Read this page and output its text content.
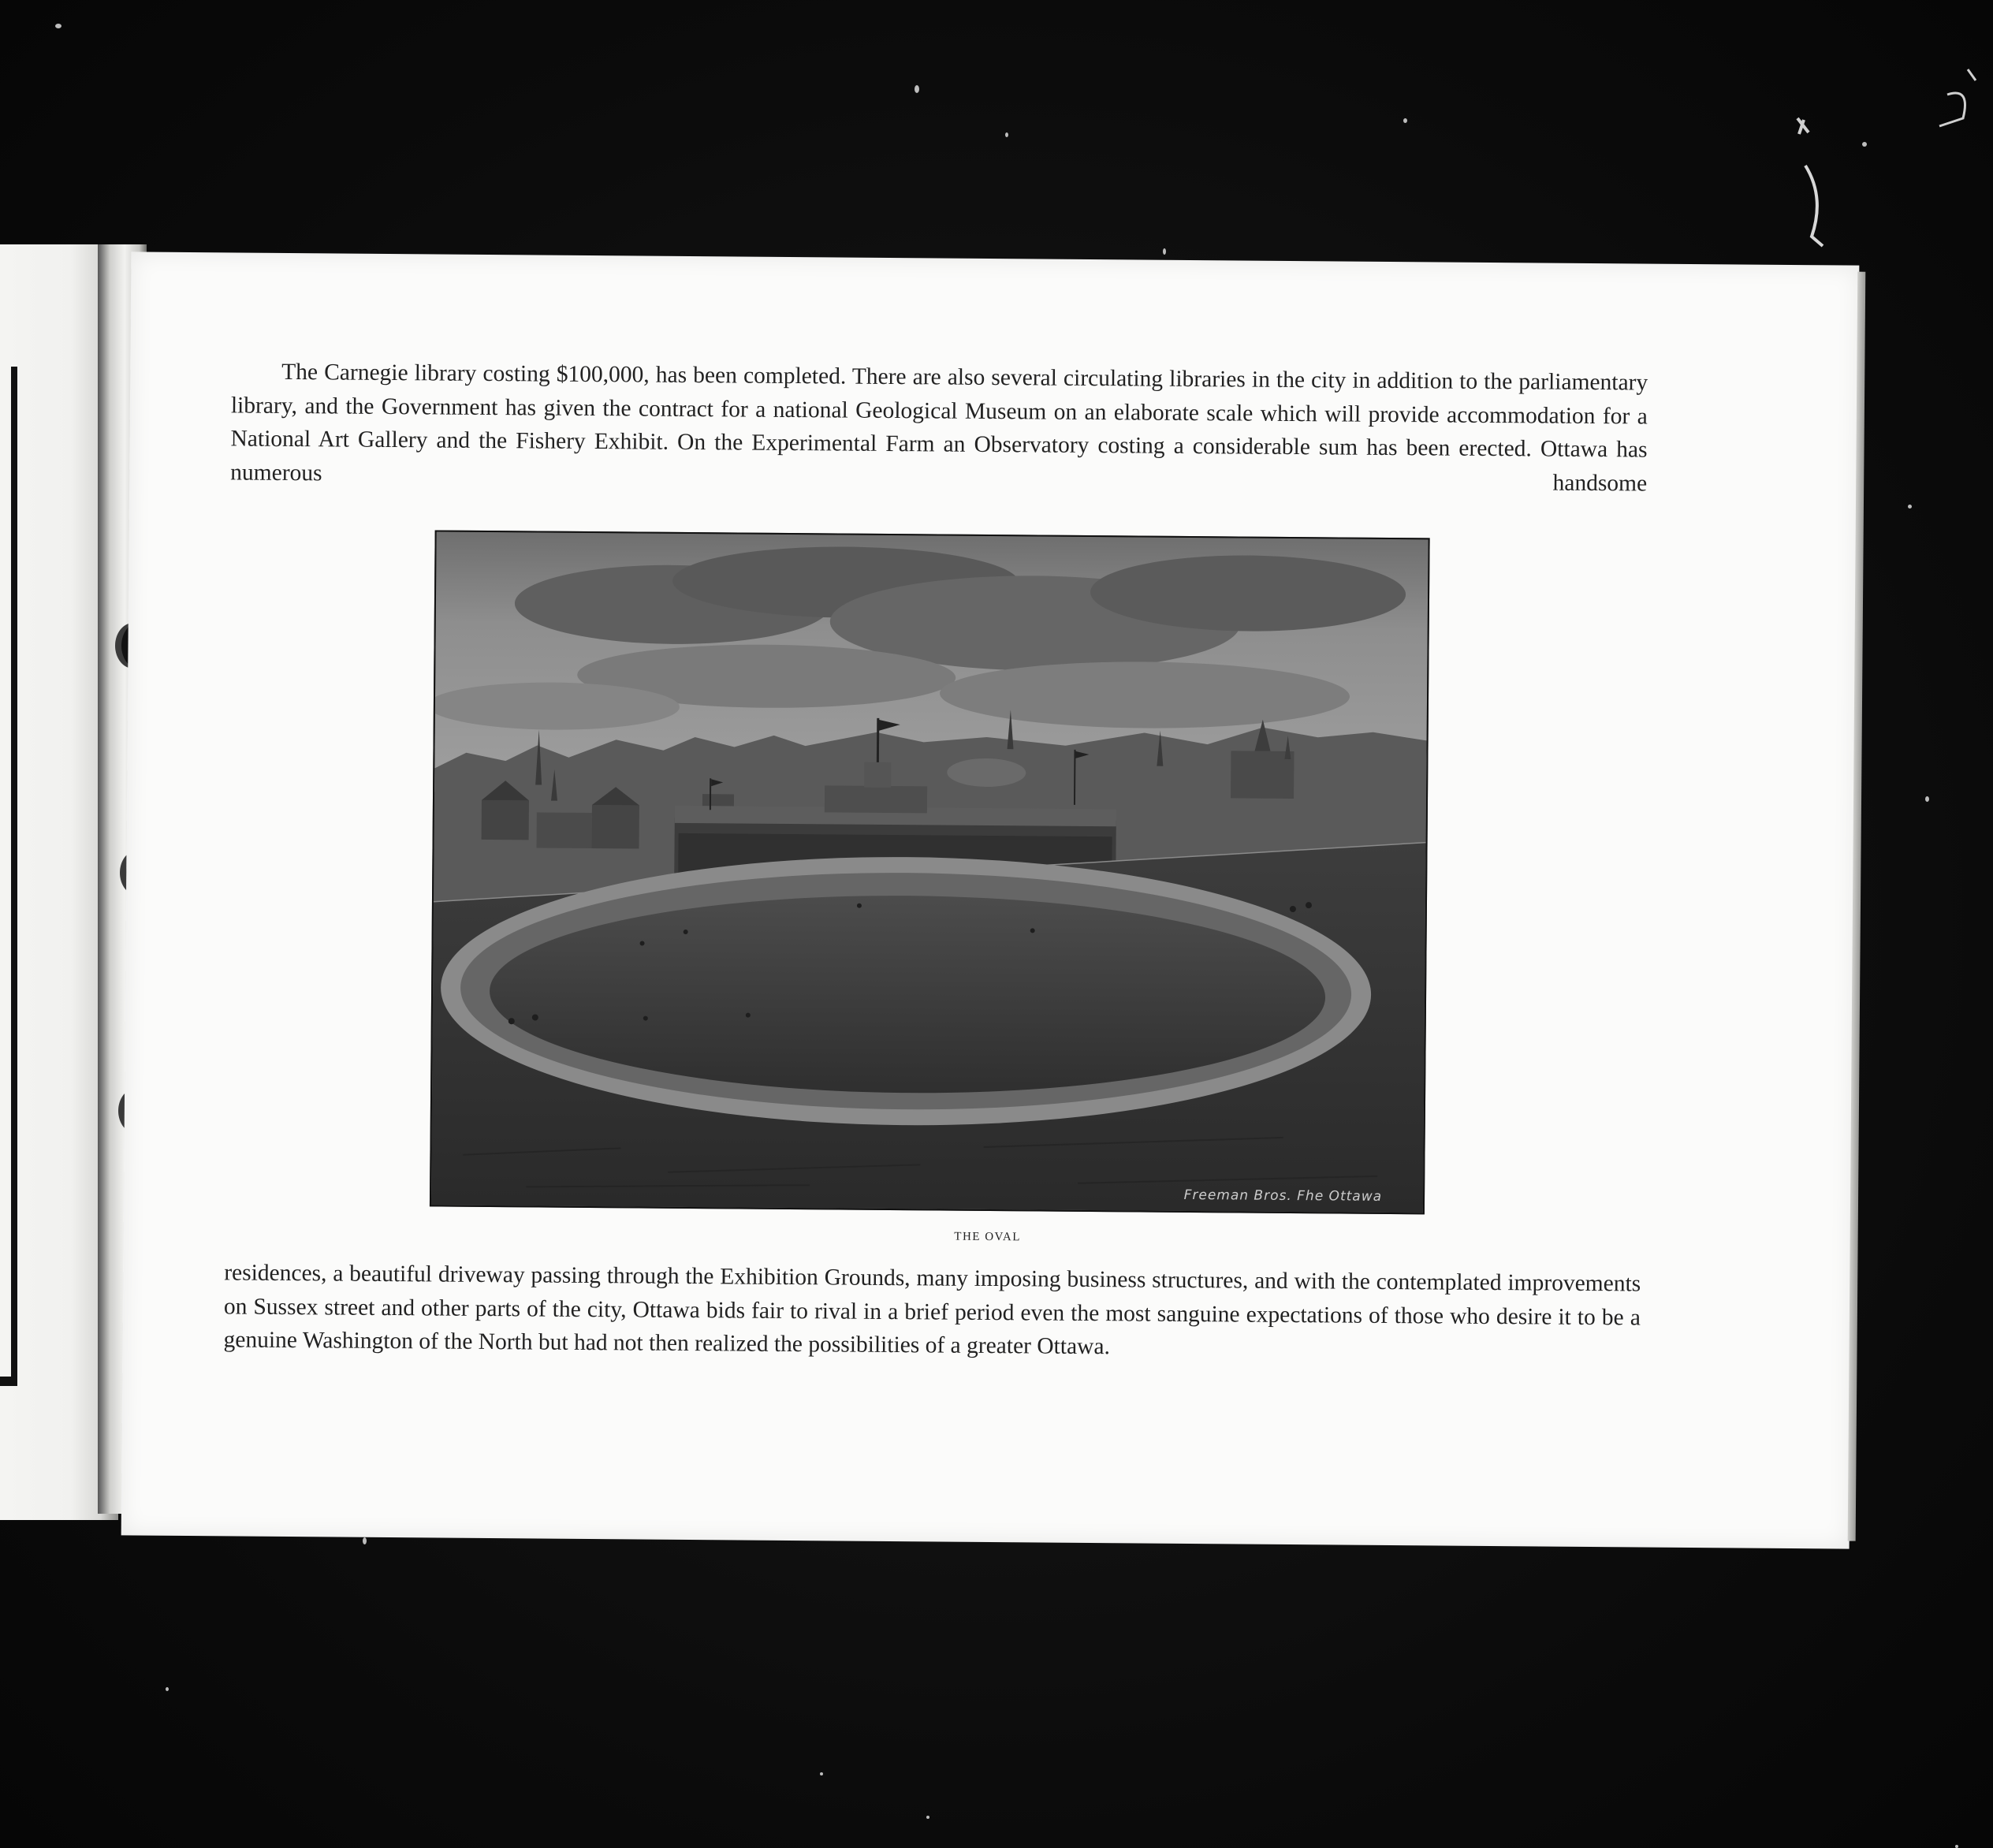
The Carnegie library costing $100,000, has been completed. There are also several circulating libraries in the city in addition to the parliamentary library, and the Government has given the contract for a national Geological Museum on an elaborate scale which will provide accommodation for a National Art Gallery and the Fishery Exhibit. On the Experimental Farm an Observatory costing a considerable sum has been erected. Ottawa has numerous handsome

Freeman Bros. Fhe Ottawa
THE OVAL

residences, a beautiful driveway passing through the Exhibition Grounds, many imposing business structures, and with the contemplated improvements on Sussex street and other parts of the city, Ottawa bids fair to rival in a brief period even the most sanguine expectations of those who desire it to be a genuine Washington of the North but had not then realized the possibilities of a greater Ottawa.
